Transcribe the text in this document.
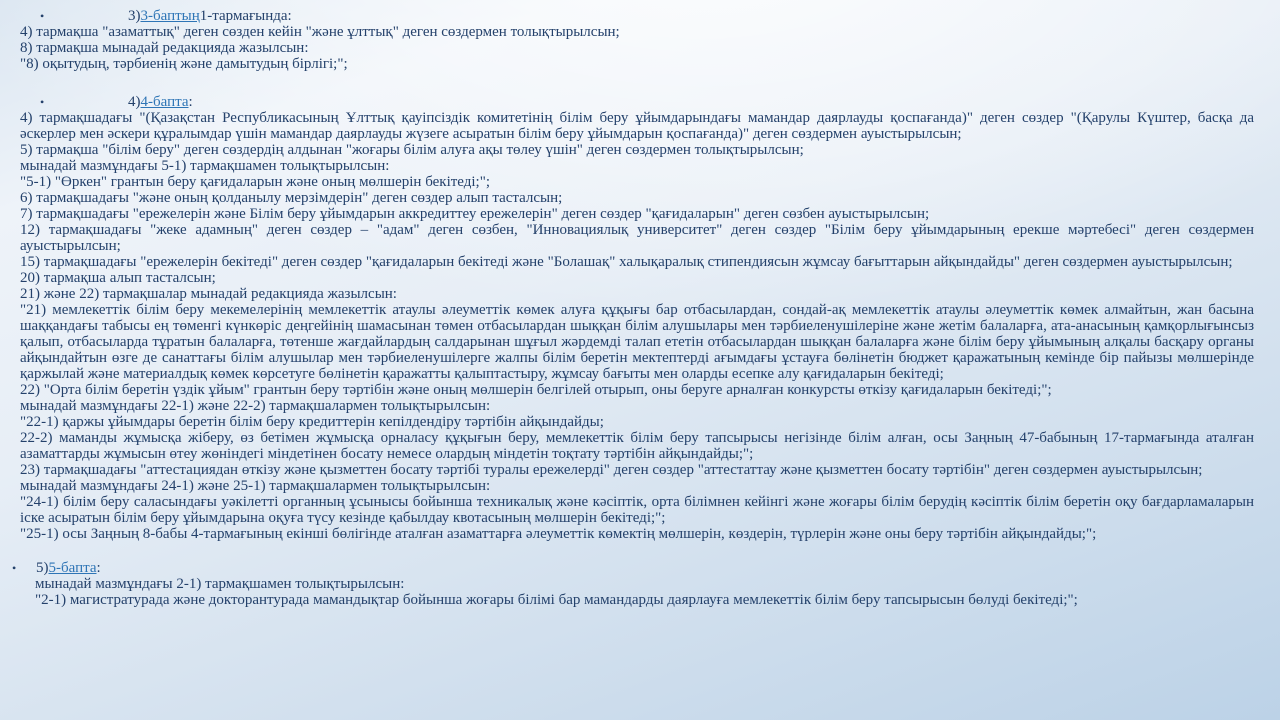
•	3)3-баптың1-тармағында:

4) тармақша "азаматтық" деген сөзден кейін "және ұлттық" деген сөздермен толықтырылсын;

8) тармақша мынадай редакцияда жазылсын:

"8) оқытудың, тәрбиенің және дамытудың бірлігі;";

•	4)4-бапта:

4) тармақшадағы "(Қазақстан Республикасының Ұлттық қауіпсіздік комитетінің білім беру ұйымдарындағы мамандар даярлауды қоспағанда)" деген сөздер "(Қарулы Күштер, басқа да әскерлер мен әскери құралымдар үшін мамандар даярлауды жүзеге асыратын білім беру ұйымдарын қоспағанда)" деген сөздермен ауыстырылсын;

5) тармақша "білім беру" деген сөздердің алдынан "жоғары білім алуға ақы төлеу үшін" деген сөздермен толықтырылсын;

мынадай мазмұндағы 5-1) тармақшамен толықтырылсын:

"5-1) "Өркен" грантын беру қағидаларын және оның мөлшерін бекітеді;";

6) тармақшадағы "және оның қолданылу мерзімдерін" деген сөздер алып тасталсын;

7) тармақшадағы "ережелерін және Білім беру ұйымдарын аккредиттеу ережелерін" деген сөздер "қағидаларын" деген сөзбен ауыстырылсын;

12) тармақшадағы "жеке адамның" деген сөздер – "адам" деген сөзбен, "Инновациялық университет" деген сөздер "Білім беру ұйымдарының ерекше мәртебесі" деген сөздермен ауыстырылсын;

15) тармақшадағы "ережелерін бекітеді" деген сөздер "қағидаларын бекітеді және "Болашақ" халықаралық стипендиясын жұмсау бағыттарын айқындайды" деген сөздермен ауыстырылсын;

20) тармақша алып тасталсын;

21) және 22) тармақшалар мынадай редакцияда жазылсын:

"21) мемлекеттік білім беру мекемелерінің мемлекеттік атаулы әлеуметтік көмек алуға құқығы бар отбасылардан, сондай-ақ мемлекеттік атаулы әлеуметтік көмек алмайтын, жан басына шаққандағы табысы ең төменгі күнкөріс деңгейінің шамасынан төмен отбасылардан шыққан білім алушылары мен тәрбиеленушілеріне және жетім балаларға, ата-анасының қамқорлығынсыз қалып, отбасыларда тұратын балаларға, төтенше жағдайлардың салдарынан шұғыл жәрдемді талап ететін отбасылардан шыққан балаларға және білім беру ұйымының алқалы басқару органы айқындайтын өзге де санаттағы білім алушылар мен тәрбиеленушілерге жалпы білім беретін мектептерді ағымдағы ұстауға бөлінетін бюджет қаражатының кемінде бір пайызы мөлшерінде қаржылай және материалдық көмек көрсетуге бөлінетін қаражатты қалыптастыру, жұмсау бағыты мен оларды есепке алу қағидаларын бекітеді;

22) "Орта білім беретін үздік ұйым" грантын беру тәртібін және оның мөлшерін белгілей отырып, оны беруге арналған конкурсты өткізу қағидаларын бекітеді;";

мынадай мазмұндағы 22-1) және 22-2) тармақшалармен толықтырылсын:

"22-1) қаржы ұйымдары беретін білім беру кредиттерін кепілдендіру тәртібін айқындайды;

22-2) маманды жұмысқа жіберу, өз бетімен жұмысқа орналасу құқығын беру, мемлекеттік білім беру тапсырысы негізінде білім алған, осы Заңның 47-бабының 17-тармағында аталған азаматтарды жұмысын өтеу жөніндегі міндетінен босату немесе олардың міндетін тоқтату тәртібін айқындайды;";

23) тармақшадағы "аттестациядан өткізу және қызметтен босату тәртібі туралы ережелерді" деген сөздер "аттестаттау және қызметтен босату тәртібін" деген сөздермен ауыстырылсын;

мынадай мазмұндағы 24-1) және 25-1) тармақшалармен толықтырылсын:

"24-1) білім беру саласындағы уәкілетті органның ұсынысы бойынша техникалық және кәсіптік, орта білімнен кейінгі және жоғары білім берудің кәсіптік білім беретін оқу бағдарламаларын іске асыратын білім беру ұйымдарына оқуға түсу кезінде қабылдау квотасының мөлшерін бекітеді;";

"25-1) осы Заңның 8-бабы 4-тармағының екінші бөлігінде аталған азаматтарға әлеуметтік көмектің мөлшерін, көздерін, түрлерін және оны беру тәртібін айқындайды;";

• 5)5-бапта:

мынадай мазмұндағы 2-1) тармақшамен толықтырылсын:

"2-1) магистратурада және докторантурада мамандықтар бойынша жоғары білімі бар мамандарды даярлауға мемлекеттік білім беру тапсырысын бөлуді бекітеді;";
